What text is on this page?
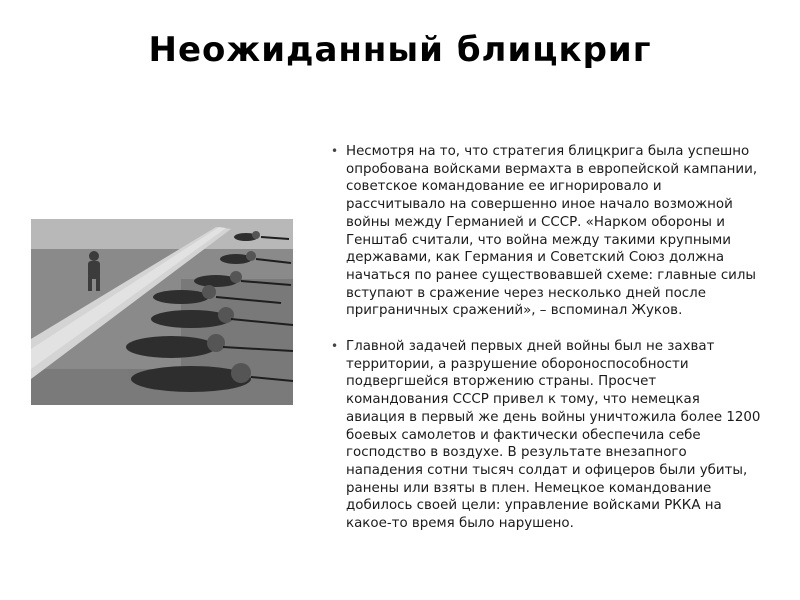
Неожиданный блицкриг

• Несмотря на то, что стратегия блицкрига была успешно опробована войсками вермахта в европейской кампании, советское командование ее игнорировало и рассчитывало на совершенно иное начало возможной войны между Германией и СССР. «Нарком обороны и Генштаб считали, что война между такими крупными державами, как Германия и Советский Союз должна начаться по ранее существовавшей схеме: главные силы вступают в сражение через несколько дней после приграничных сражений», – вспоминал Жуков.

• Главной задачей первых дней войны был не захват территории, а разрушение обороноспособности подвергшейся вторжению страны. Просчет командования СССР привел к тому, что немецкая авиация в первый же день войны уничтожила более 1200 боевых самолетов и фактически обеспечила себе господство в воздухе. В результате внезапного нападения сотни тысяч солдат и офицеров были убиты, ранены или взяты в плен. Немецкое командование добилось своей цели: управление войсками РККА на какое-то время было нарушено.
